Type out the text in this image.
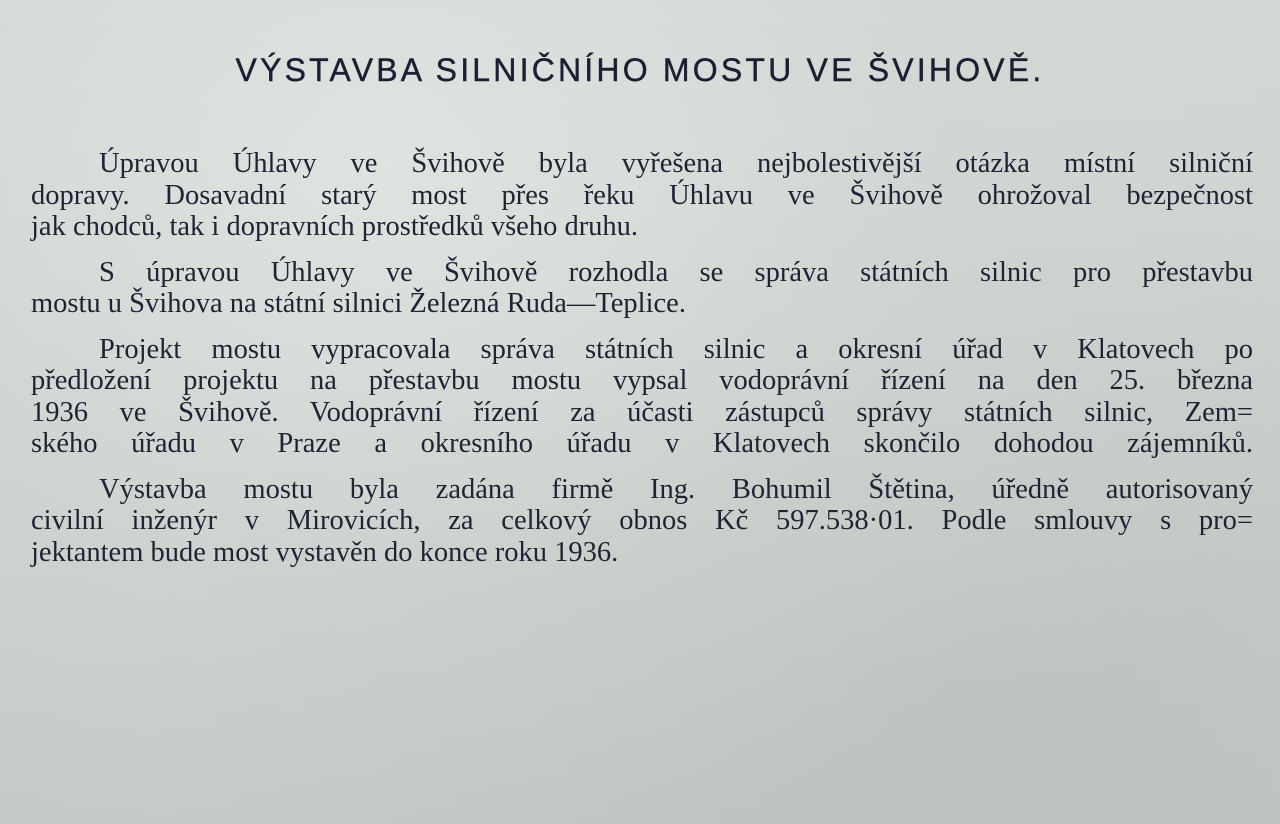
VÝSTAVBA SILNIČNÍHO MOSTU VE ŠVIHOVĚ.

Úpravou Úhlavy ve Švihově byla vyřešena nejbolestivější otázka místní silniční
dopravy. Dosavadní starý most přes řeku Úhlavu ve Švihově ohrožoval bezpečnost
jak chodců, tak i dopravních prostředků všeho druhu.

S úpravou Úhlavy ve Švihově rozhodla se správa státních silnic pro přestavbu
mostu u Švihova na státní silnici Železná Ruda—Teplice.

Projekt mostu vypracovala správa státních silnic a okresní úřad v Klatovech po
předložení projektu na přestavbu mostu vypsal vodoprávní řízení na den 25. března
1936 ve Švihově. Vodoprávní řízení za účasti zástupců správy státních silnic, Zem=
ského úřadu v Praze a okresního úřadu v Klatovech skončilo dohodou zájemníků.

Výstavba mostu byla zadána firmě Ing. Bohumil Štětina, úředně autorisovaný
civilní inženýr v Mirovicích, za celkový obnos Kč 597.538·01. Podle smlouvy s pro=
jektantem bude most vystavěn do konce roku 1936.
